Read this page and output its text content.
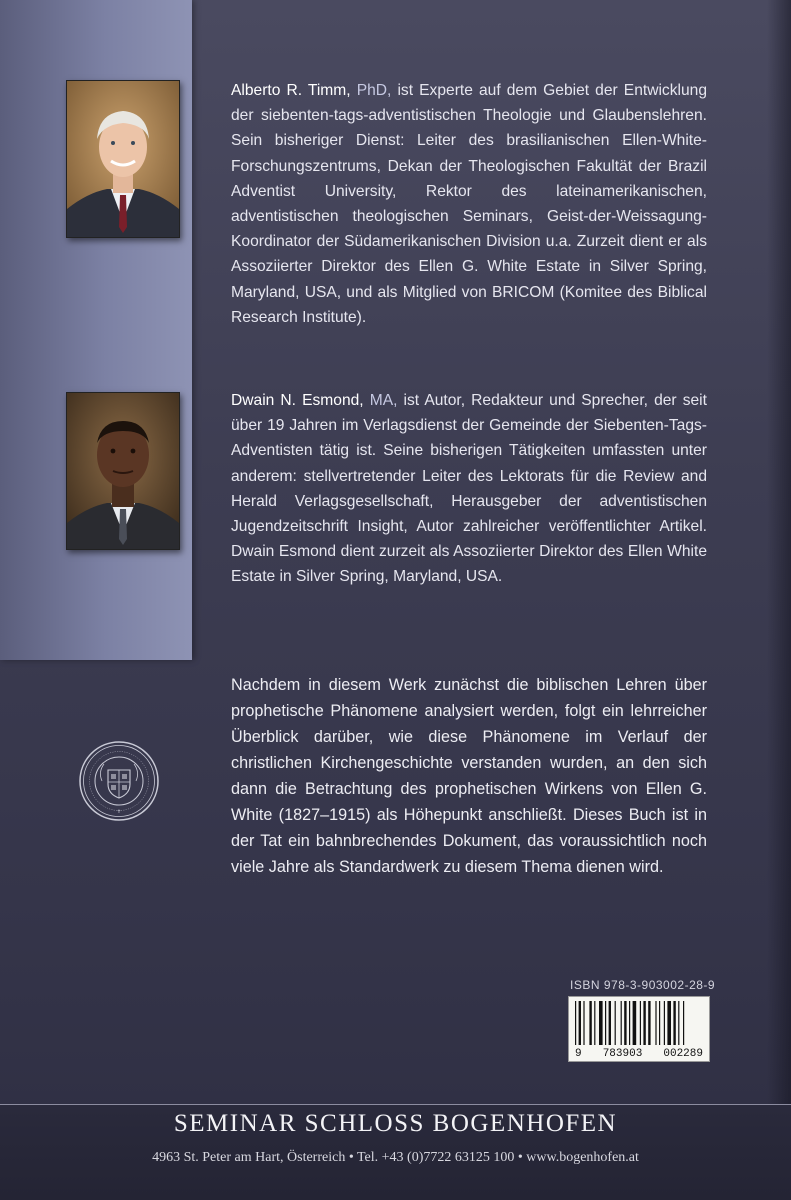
Alberto R. Timm, PhD, ist Experte auf dem Gebiet der Entwicklung der siebenten-tags-adventistischen Theologie und Glaubenslehren. Sein bisheriger Dienst: Leiter des brasilianischen Ellen-White-Forschungszentrums, Dekan der Theologischen Fakultät der Brazil Adventist University, Rektor des lateinamerikanischen, adventistischen theologischen Seminars, Geist-der-Weissagung-Koordinator der Südamerikanischen Division u.a. Zurzeit dient er als Assoziierter Direktor des Ellen G. White Estate in Silver Spring, Maryland, USA, und als Mitglied von BRICOM (Komitee des Biblical Research Institute).
Dwain N. Esmond, MA, ist Autor, Redakteur und Sprecher, der seit über 19 Jahren im Verlagsdienst der Gemeinde der Siebenten-Tags-Adventisten tätig ist. Seine bisherigen Tätigkeiten umfassten unter anderem: stellvertretender Leiter des Lektorats für die Review and Herald Verlagsgesellschaft, Herausgeber der adventistischen Jugendzeitschrift Insight, Autor zahlreicher veröffentlichter Artikel. Dwain Esmond dient zurzeit als Assoziierter Direktor des Ellen White Estate in Silver Spring, Maryland, USA.
✝
Nachdem in diesem Werk zunächst die biblischen Lehren über prophetische Phänomene analysiert werden, folgt ein lehrreicher Überblick darüber, wie diese Phänomene im Verlauf der christlichen Kirchengeschichte verstanden wurden, an den sich dann die Betrachtung des prophetischen Wirkens von Ellen G. White (1827–1915) als Höhepunkt anschließt. Dieses Buch ist in der Tat ein bahnbrechendes Dokument, das voraussichtlich noch viele Jahre als Standardwerk zu diesem Thema dienen wird.
ISBN 978-3-903002-28-9
9 783903 002289
SEMINAR SCHLOSS BOGENHOFEN
4963 St. Peter am Hart, Österreich • Tel. +43 (0)7722 63125 100 • www.bogenhofen.at
